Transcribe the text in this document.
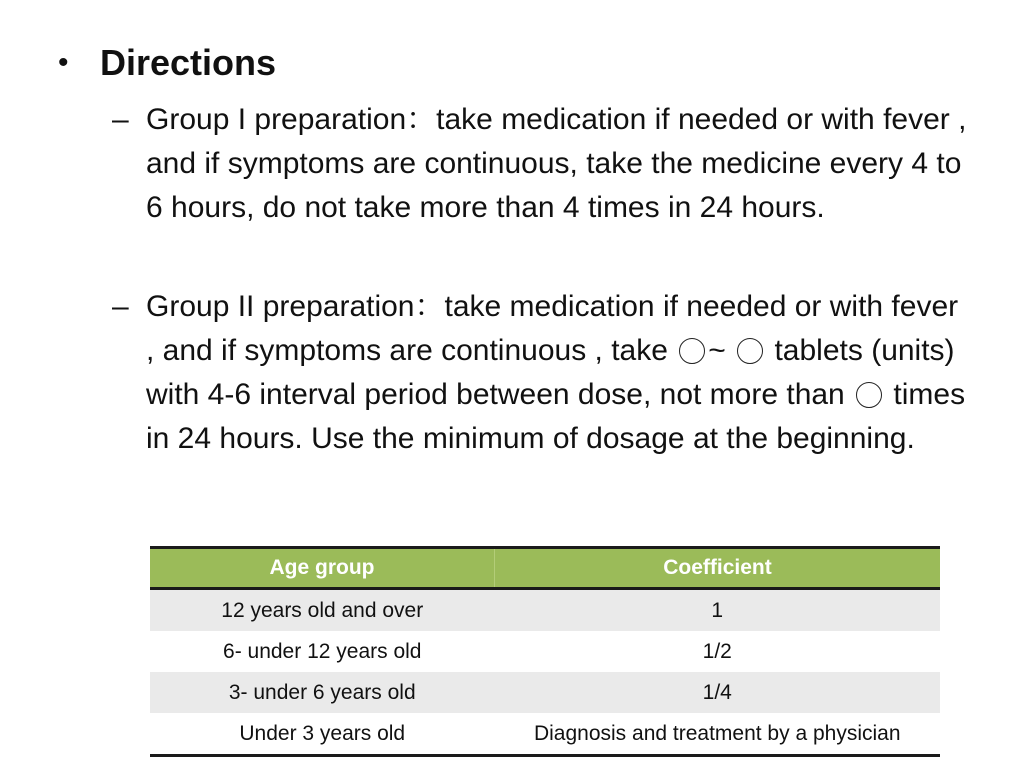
• Directions
– Group I preparation：take medication if needed or with fever , and if symptoms are continuous, take the medicine every 4 to 6 hours, do not take more than 4 times in 24 hours.
– Group II preparation：take medication if needed or with fever , and if symptoms are continuous , take ~  tablets (units) with 4-6 interval period between dose, not more than  times in 24 hours. Use the minimum of dosage at the beginning.
Age group	Coefficient
12 years old and over	1
6- under 12 years old	1/2
3- under 6 years old	1/4
Under 3 years old	Diagnosis and treatment by a physician
